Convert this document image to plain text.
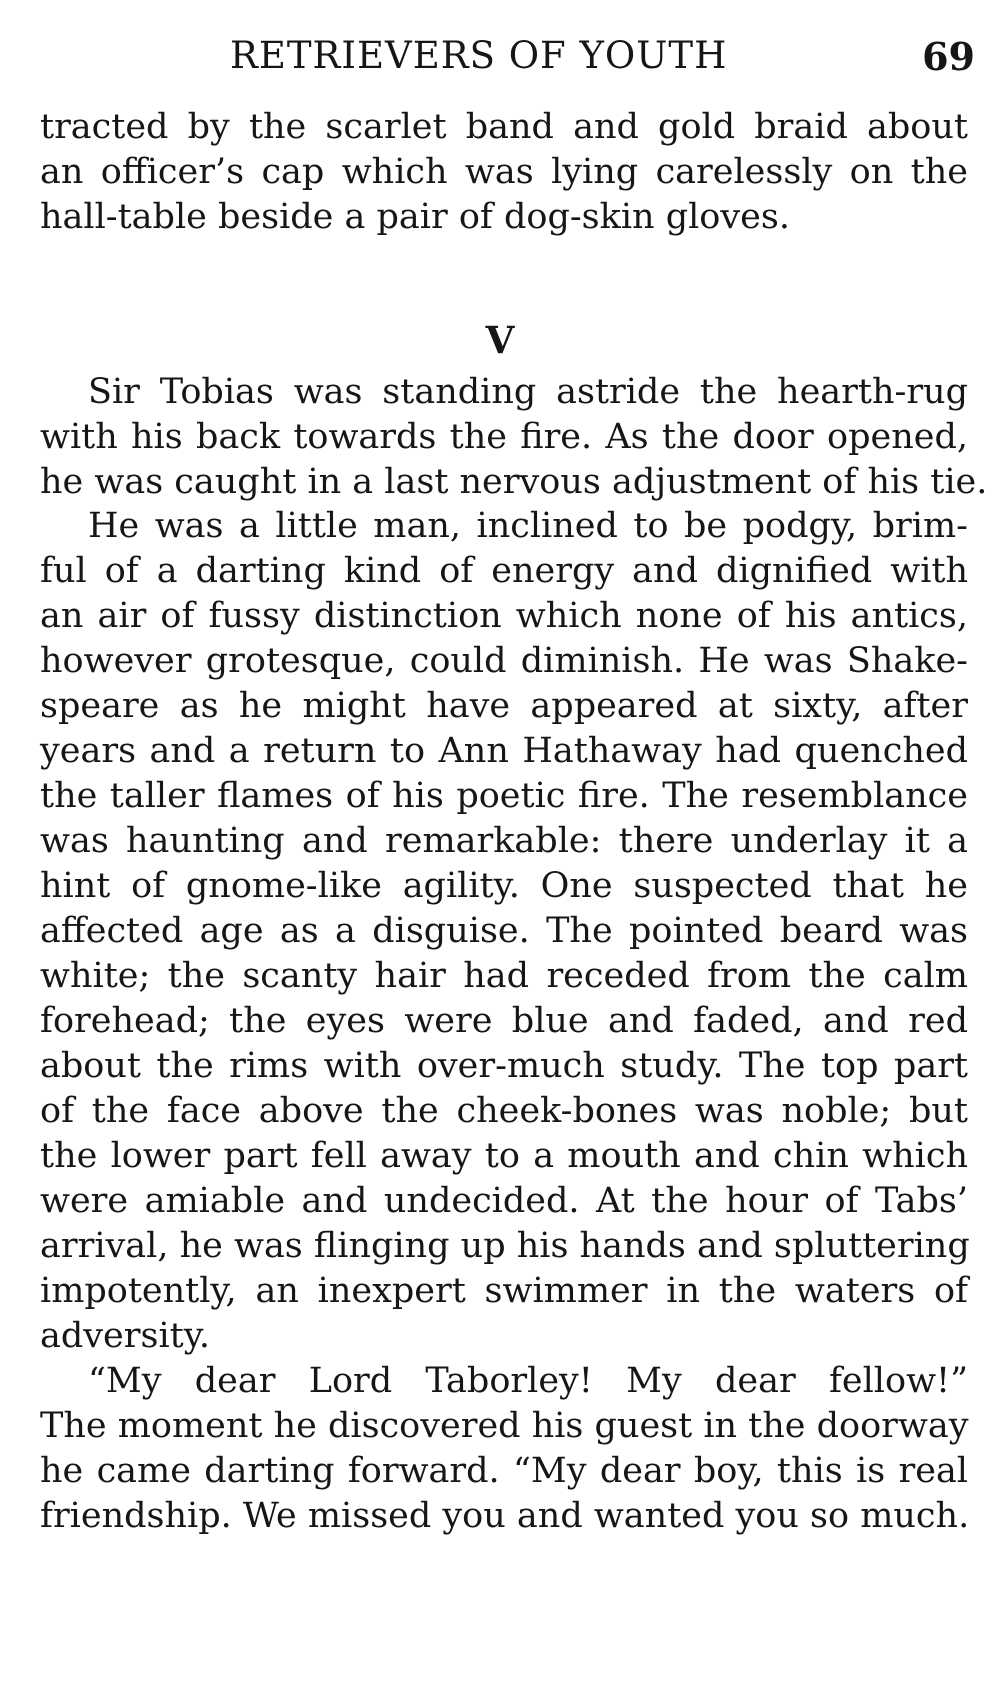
RETRIEVERS OF YOUTH	69
tracted by the scarlet band and gold braid about
an officer’s cap which was lying carelessly on the
hall-table beside a pair of dog-skin gloves.
V
Sir Tobias was standing astride the hearth-rug
with his back towards the fire. As the door opened,
he was caught in a last nervous adjustment of his tie.
He was a little man, inclined to be podgy, brim-
ful of a darting kind of energy and dignified with
an air of fussy distinction which none of his antics,
however grotesque, could diminish. He was Shake-
speare as he might have appeared at sixty, after
years and a return to Ann Hathaway had quenched
the taller flames of his poetic fire. The resemblance
was haunting and remarkable: there underlay it a
hint of gnome-like agility. One suspected that he
affected age as a disguise. The pointed beard was
white; the scanty hair had receded from the calm
forehead; the eyes were blue and faded, and red
about the rims with over-much study. The top part
of the face above the cheek-bones was noble; but
the lower part fell away to a mouth and chin which
were amiable and undecided. At the hour of Tabs’
arrival, he was flinging up his hands and spluttering
impotently, an inexpert swimmer in the waters of
adversity.
“My dear Lord Taborley! My dear fellow!”
The moment he discovered his guest in the doorway
he came darting forward. “My dear boy, this is real
friendship. We missed you and wanted you so much.
